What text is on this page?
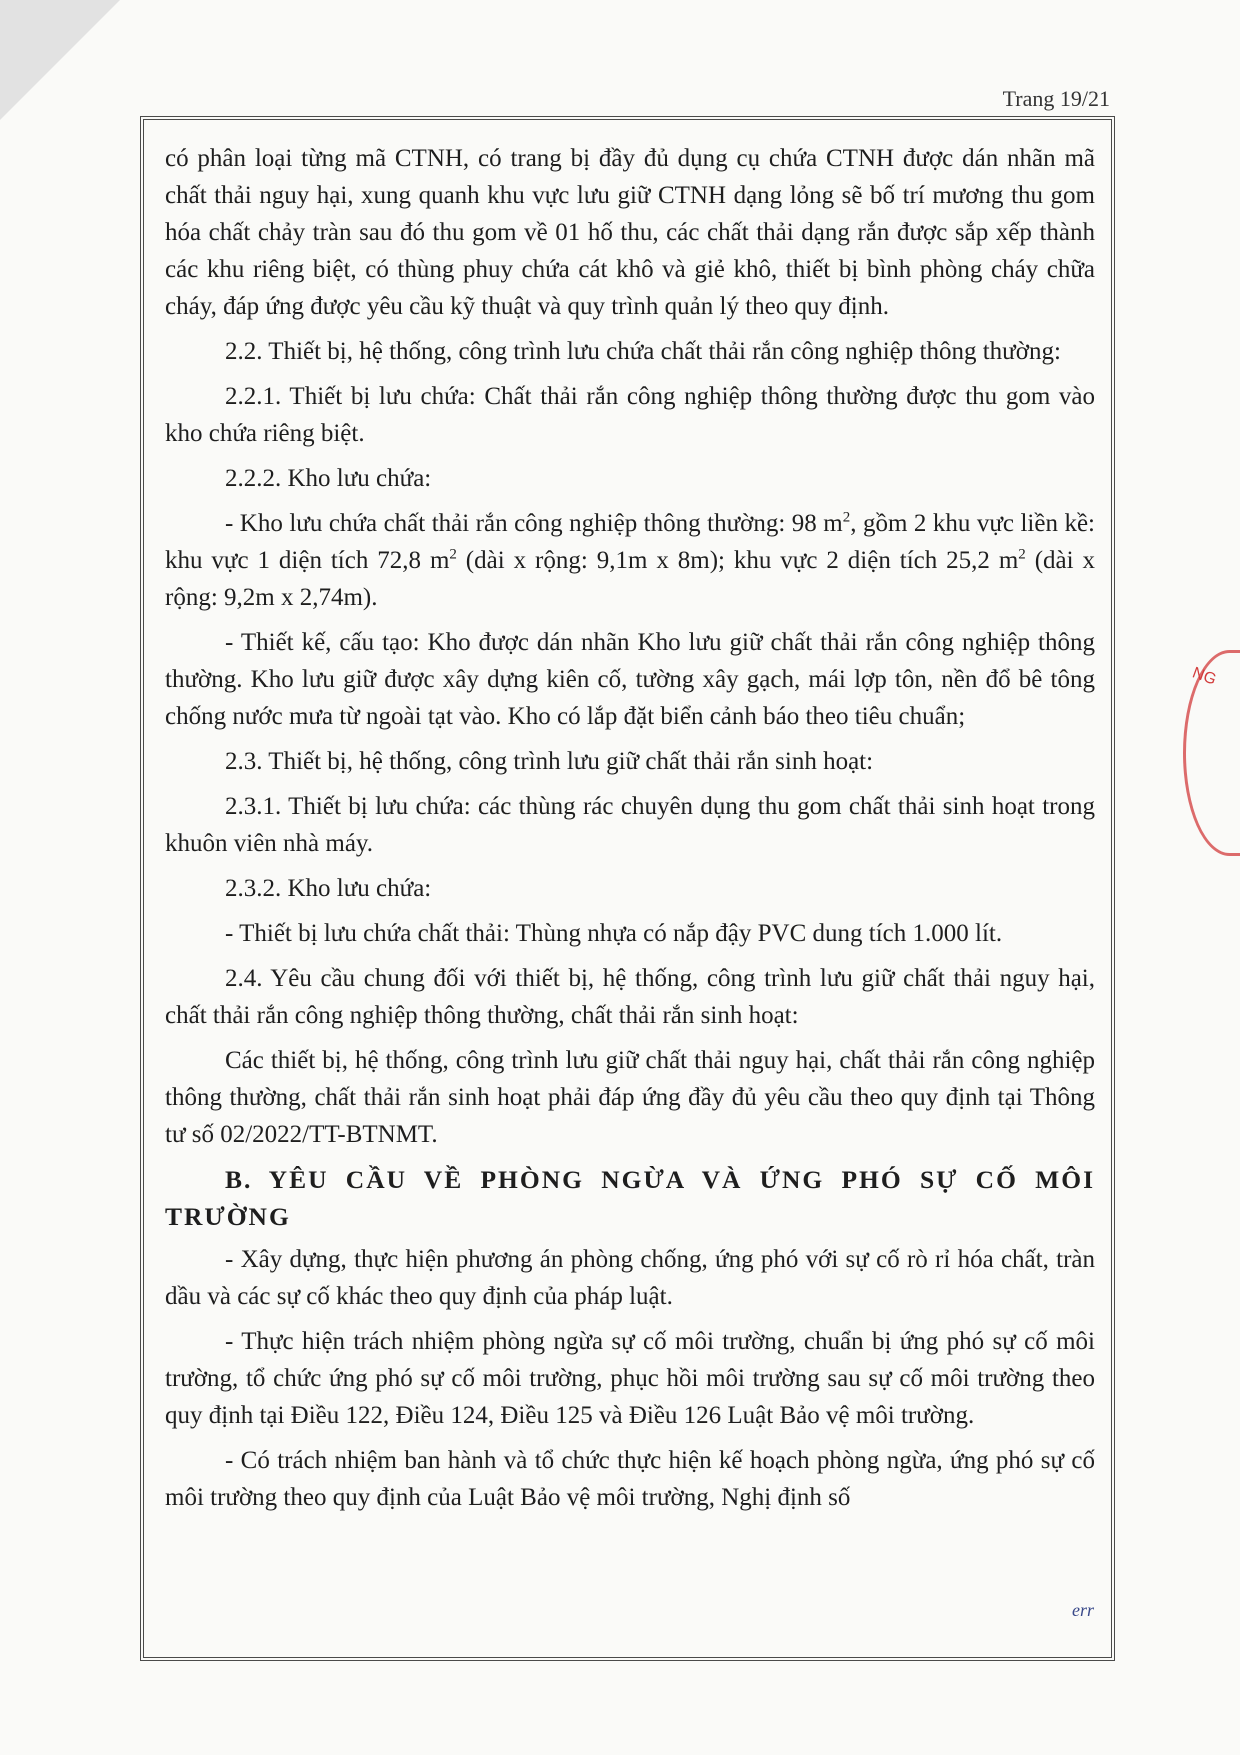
Trang 19/21

có phân loại từng mã CTNH, có trang bị đầy đủ dụng cụ chứa CTNH được dán nhãn mã chất thải nguy hại, xung quanh khu vực lưu giữ CTNH dạng lỏng sẽ bố trí mương thu gom hóa chất chảy tràn sau đó thu gom về 01 hố thu, các chất thải dạng rắn được sắp xếp thành các khu riêng biệt, có thùng phuy chứa cát khô và giẻ khô, thiết bị bình phòng cháy chữa cháy, đáp ứng được yêu cầu kỹ thuật và quy trình quản lý theo quy định.

2.2. Thiết bị, hệ thống, công trình lưu chứa chất thải rắn công nghiệp thông thường:

2.2.1. Thiết bị lưu chứa: Chất thải rắn công nghiệp thông thường được thu gom vào kho chứa riêng biệt.

2.2.2. Kho lưu chứa:

- Kho lưu chứa chất thải rắn công nghiệp thông thường: 98 $m^2$, gồm 2 khu vực liền kề: khu vực 1 diện tích 72,8 $m^2$ (dài x rộng: 9,1m x 8m); khu vực 2 diện tích 25,2 $m^2$ (dài x rộng: 9,2m x 2,74m).

- Thiết kế, cấu tạo: Kho được dán nhãn Kho lưu giữ chất thải rắn công nghiệp thông thường. Kho lưu giữ được xây dựng kiên cố, tường xây gạch, mái lợp tôn, nền đổ bê tông chống nước mưa từ ngoài tạt vào. Kho có lắp đặt biển cảnh báo theo tiêu chuẩn;

2.3. Thiết bị, hệ thống, công trình lưu giữ chất thải rắn sinh hoạt:

2.3.1. Thiết bị lưu chứa: các thùng rác chuyên dụng thu gom chất thải sinh hoạt trong khuôn viên nhà máy.

2.3.2. Kho lưu chứa:

- Thiết bị lưu chứa chất thải: Thùng nhựa có nắp đậy PVC dung tích 1.000 lít.

2.4. Yêu cầu chung đối với thiết bị, hệ thống, công trình lưu giữ chất thải nguy hại, chất thải rắn công nghiệp thông thường, chất thải rắn sinh hoạt:

Các thiết bị, hệ thống, công trình lưu giữ chất thải nguy hại, chất thải rắn công nghiệp thông thường, chất thải rắn sinh hoạt phải đáp ứng đầy đủ yêu cầu theo quy định tại Thông tư số 02/2022/TT-BTNMT.

B. YÊU CẦU VỀ PHÒNG NGỪA VÀ ỨNG PHÓ SỰ CỐ MÔI TRƯỜNG

- Xây dựng, thực hiện phương án phòng chống, ứng phó với sự cố rò rỉ hóa chất, tràn dầu và các sự cố khác theo quy định của pháp luật.

- Thực hiện trách nhiệm phòng ngừa sự cố môi trường, chuẩn bị ứng phó sự cố môi trường, tổ chức ứng phó sự cố môi trường, phục hồi môi trường sau sự cố môi trường theo quy định tại Điều 122, Điều 124, Điều 125 và Điều 126 Luật Bảo vệ môi trường.

- Có trách nhiệm ban hành và tổ chức thực hiện kế hoạch phòng ngừa, ứng phó sự cố môi trường theo quy định của Luật Bảo vệ môi trường, Nghị định số

NG
err
